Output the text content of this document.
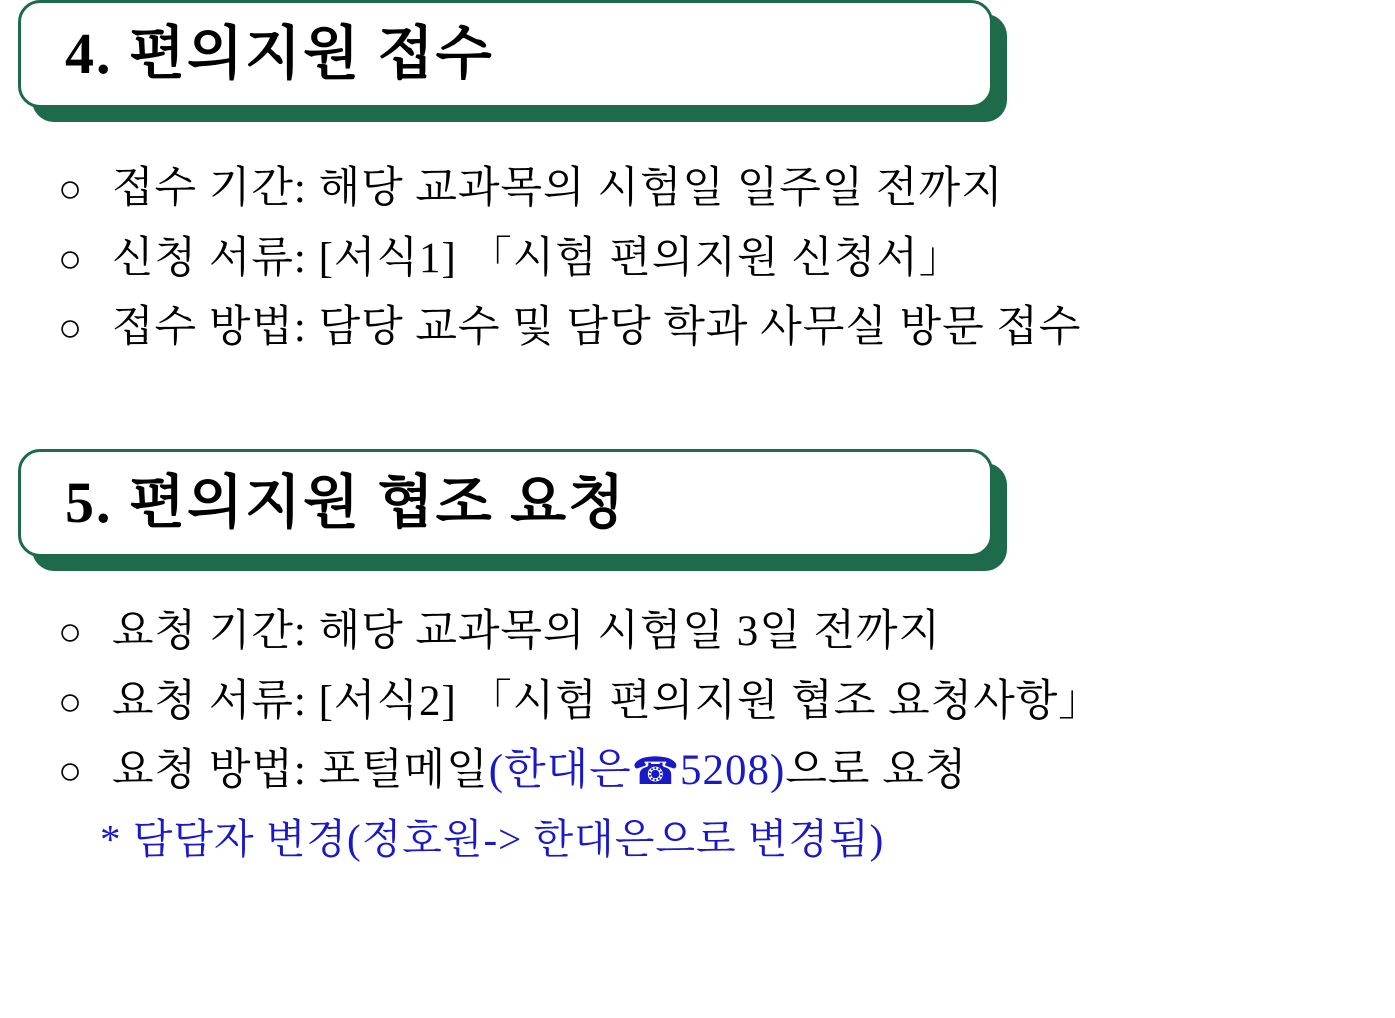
4. 편의지원 접수
○ 접수 기간: 해당 교과목의 시험일 일주일 전까지
○ 신청 서류: [서식1] 「시험 편의지원 신청서」
○ 접수 방법: 담당 교수 및 담당 학과 사무실 방문 접수
5. 편의지원 협조 요청
○ 요청 기간: 해당 교과목의 시험일 3일 전까지
○ 요청 서류: [서식2] 「시험 편의지원 협조 요청사항」
○ 요청 방법: 포털메일(한대은☎5208)으로 요청
* 담담자 변경(정호원-> 한대은으로 변경됨)
